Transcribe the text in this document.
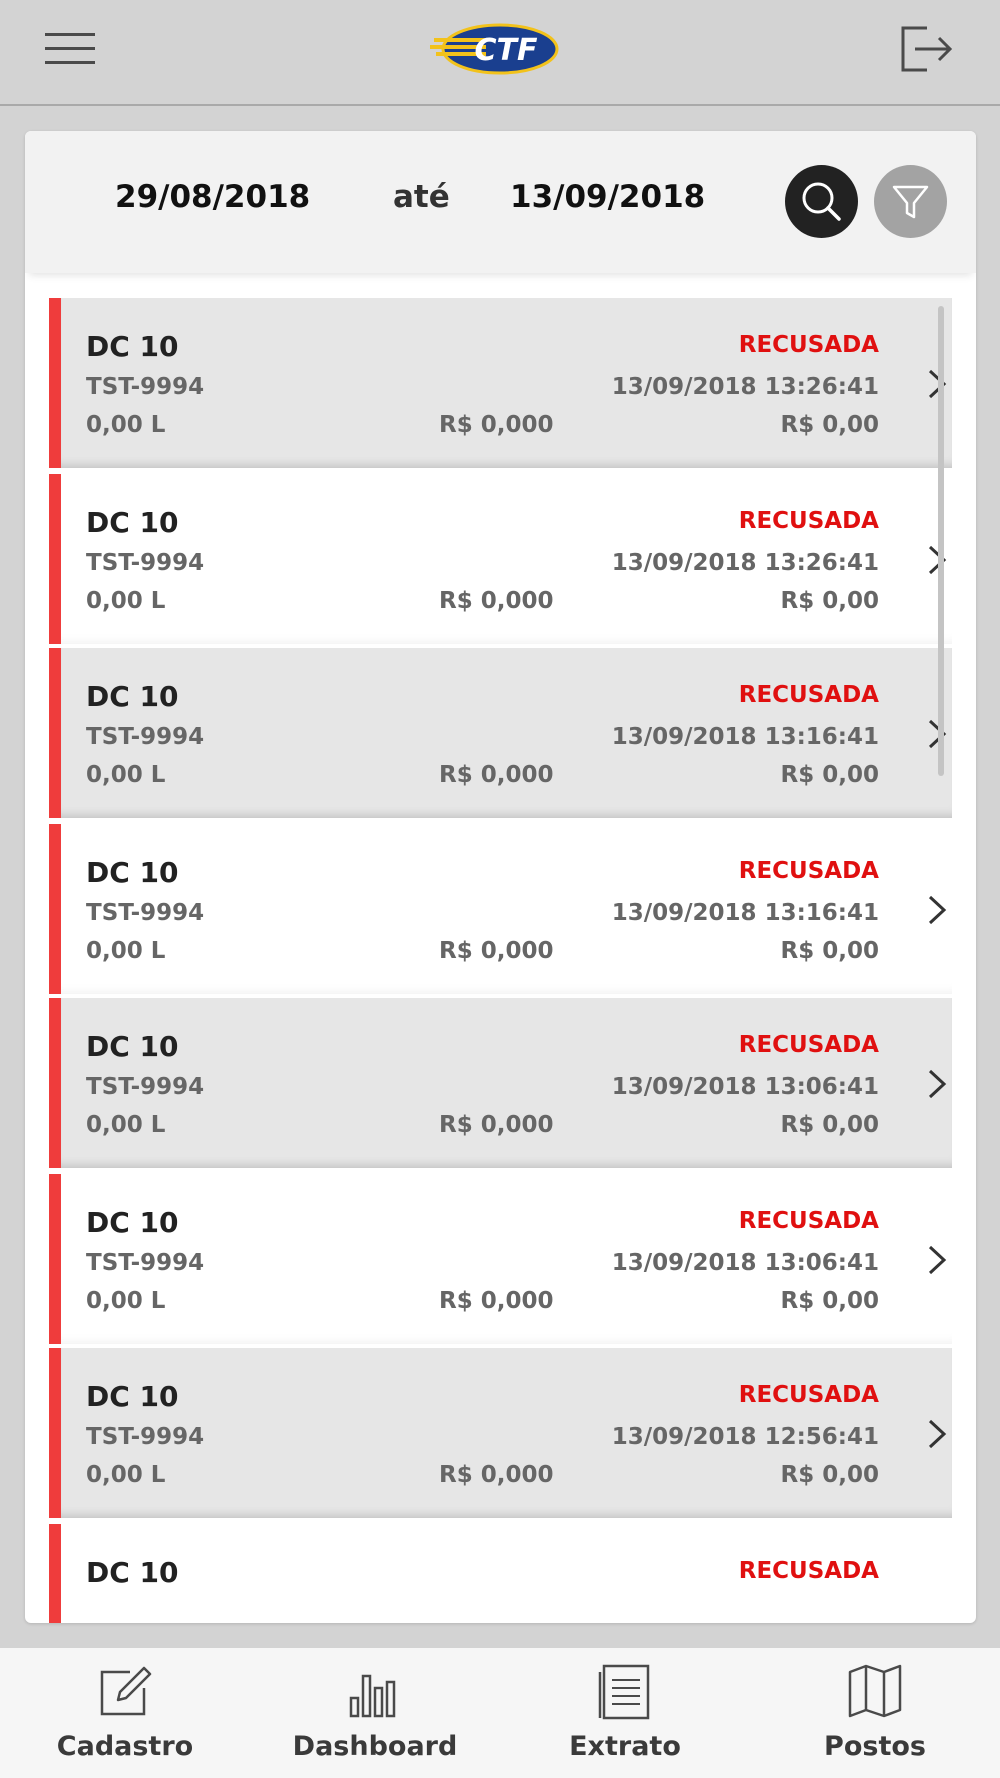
CTF
29/08/2018	até	13/09/2018
DC 10
TST-9994
0,00 L	R$ 0,000
RECUSADA
13/09/2018 13:26:41
R$ 0,00
DC 10
TST-9994
0,00 L	R$ 0,000
RECUSADA
13/09/2018 13:26:41
R$ 0,00
DC 10
TST-9994
0,00 L	R$ 0,000
RECUSADA
13/09/2018 13:16:41
R$ 0,00
DC 10
TST-9994
0,00 L	R$ 0,000
RECUSADA
13/09/2018 13:16:41
R$ 0,00
DC 10
TST-9994
0,00 L	R$ 0,000
RECUSADA
13/09/2018 13:06:41
R$ 0,00
DC 10
TST-9994
0,00 L	R$ 0,000
RECUSADA
13/09/2018 13:06:41
R$ 0,00
DC 10
TST-9994
0,00 L	R$ 0,000
RECUSADA
13/09/2018 12:56:41
R$ 0,00
DC 10	RECUSADA
Cadastro	Dashboard	Extrato	Postos
